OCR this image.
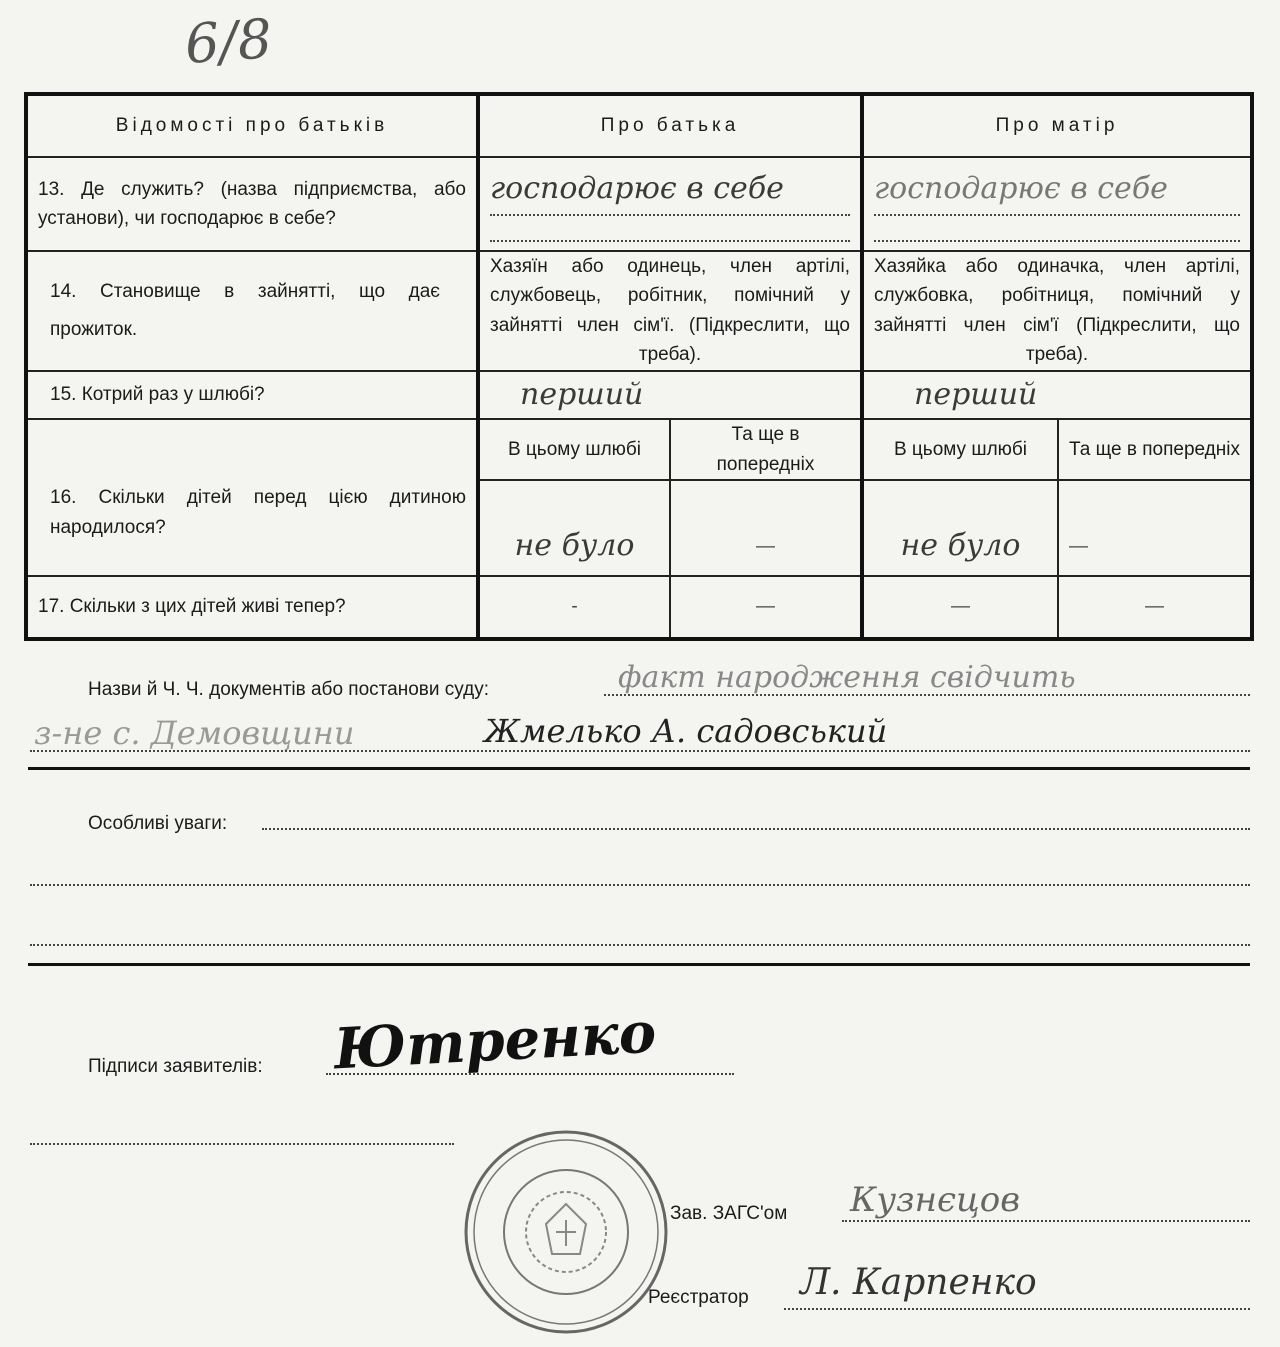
6/8
Відомості про батьків	Про батька		Про матір	
13. Де служить? (назва підприємства, або установи), чи господарює в себе?	господарює в себе		господарює в себе	

14. Становище в зайнятті, що дає прожиток.	Хазяїн або одинець, член артілі, службовець, робітник, помічний у зайнятті член сім'ї. (Підкреслити, що треба).		Хазяйка або одиначка, член артілі, службовка, робітниця, помічний у зайнятті член сім'ї (Підкреслити, що треба).	
15. Котрий раз у шлюбі?	перший		перший	
16. Скільки дітей перед цією дитиною народилося?	В цьому шлюбі	Та ще в попередніх	В цьому шлюбі	Та ще в попередніх
	не було	—	не було	—
17. Скільки з цих дітей живі тепер?	-	—	—	—
Назви й Ч. Ч. документів або постанови суду:	факт народження свідчить
з-не с. Демовщини	Жмелько А. садовський
Особливі уваги:
Підписи заявителів: Ютренко
Зав. ЗАГС'ом Кузнєцов
Реєстратор Л. Карпенко
